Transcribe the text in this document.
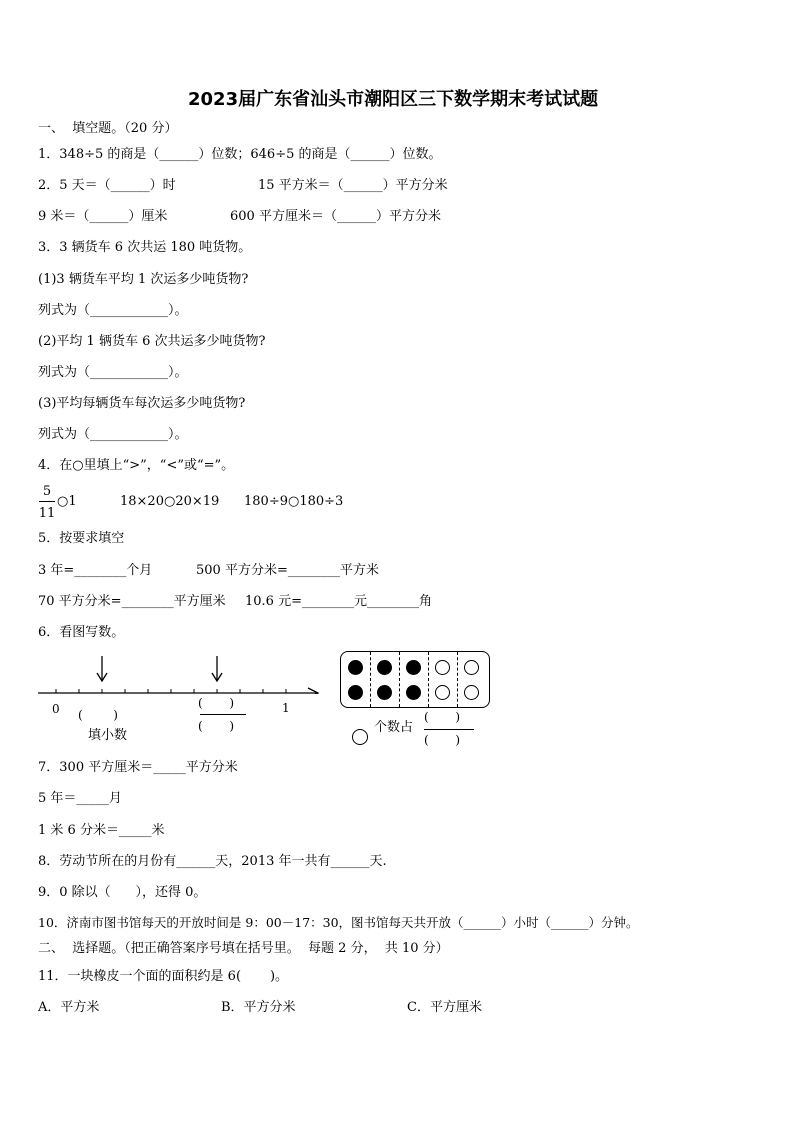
2023届广东省汕头市潮阳区三下数学期末考试试题
一、  填空题。（20 分）
1．348÷5 的商是（______）位数；646÷5 的商是（______）位数。
2．5 天＝（______）时	15 平方米＝（______）平方分米
9 米＝（______）厘米	600 平方厘米＝（______）平方分米
3．3 辆货车 6 次共运 180 吨货物。
(1)3 辆货车平均 1 次运多少吨货物?
列式为（____________）。
(2)平均 1 辆货车 6 次共运多少吨货物?
列式为（____________）。
(3)平均每辆货车每次运多少吨货物?
列式为（____________）。
4．在○里填上“>”，“<”或“=”。
5
11
○1	18×20○20×19 180÷9○180÷3
5．按要求填空
3 年=________个月	500 平方分米=________平方米
70 平方分米=________平方厘米 10.6 元=________元________角
6．看图写数。
0	1
(        )
填小数
(       )
(       )	个数占
(       )
(       )
7．300 平方厘米＝_____平方分米
5 年＝_____月
1 米 6 分米＝_____米
8．劳动节所在的月份有______天，2013 年一共有______天.
9．0 除以（      ），还得 0。
10．济南市图书馆每天的开放时间是 9：00－17：30，图书馆每天共开放（______）小时（______）分钟。
二、  选择题。（把正确答案序号填在括号里。  每题 2 分，  共 10 分）
11．一块橡皮一个面的面积约是 6(       )。
A．平方米	B．平方分米	C．平方厘米
